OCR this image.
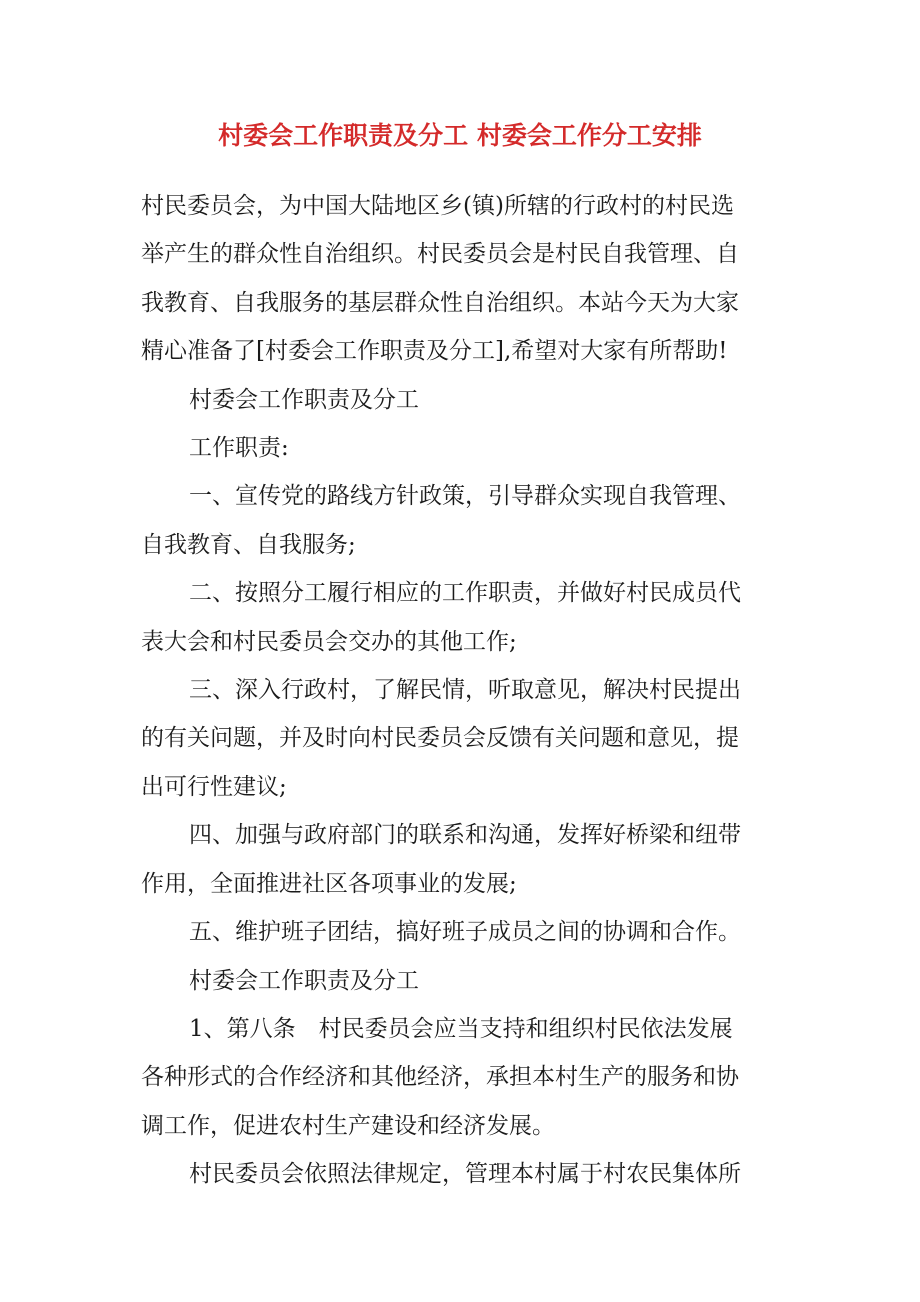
村委会工作职责及分工 村委会工作分工安排

村民委员会，为中国大陆地区乡(镇)所辖的行政村的村民选

举产生的群众性自治组织。村民委员会是村民自我管理、自

我教育、自我服务的基层群众性自治组织。本站今天为大家

精心准备了[村委会工作职责及分工],希望对大家有所帮助!

村委会工作职责及分工

工作职责:

一、宣传党的路线方针政策，引导群众实现自我管理、

自我教育、自我服务;

二、按照分工履行相应的工作职责，并做好村民成员代

表大会和村民委员会交办的其他工作;

三、深入行政村，了解民情，听取意见，解决村民提出

的有关问题，并及时向村民委员会反馈有关问题和意见，提

出可行性建议;

四、加强与政府部门的联系和沟通，发挥好桥梁和纽带

作用，全面推进社区各项事业的发展;

五、维护班子团结，搞好班子成员之间的协调和合作。

村委会工作职责及分工

1、第八条　村民委员会应当支持和组织村民依法发展

各种形式的合作经济和其他经济，承担本村生产的服务和协

调工作，促进农村生产建设和经济发展。

村民委员会依照法律规定，管理本村属于村农民集体所
